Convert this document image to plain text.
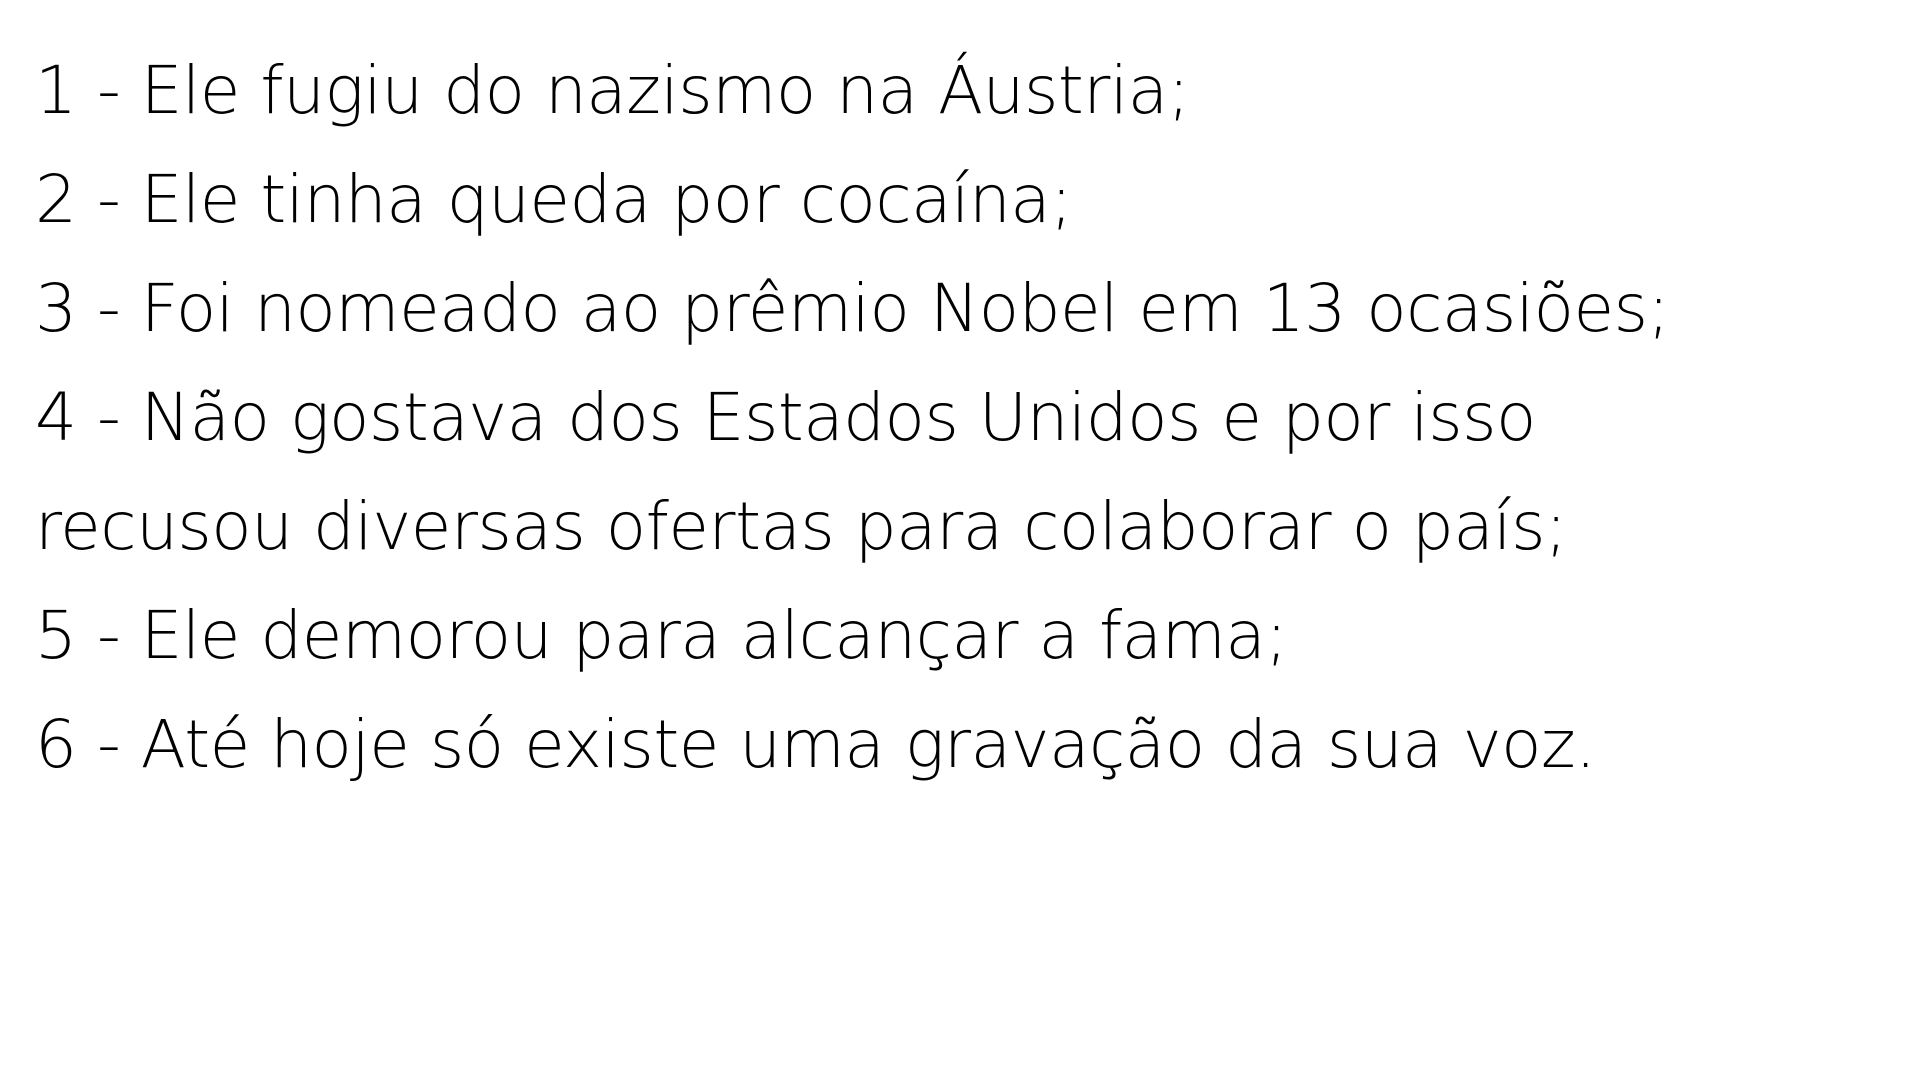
1 - Ele fugiu do nazismo na Áustria;
2 - Ele tinha queda por cocaína;
3 - Foi nomeado ao prêmio Nobel em 13 ocasiões;
4 - Não gostava dos Estados Unidos e por isso
recusou diversas ofertas para colaborar o país;
5 - Ele demorou para alcançar a fama;
6 - Até hoje só existe uma gravação da sua voz.
